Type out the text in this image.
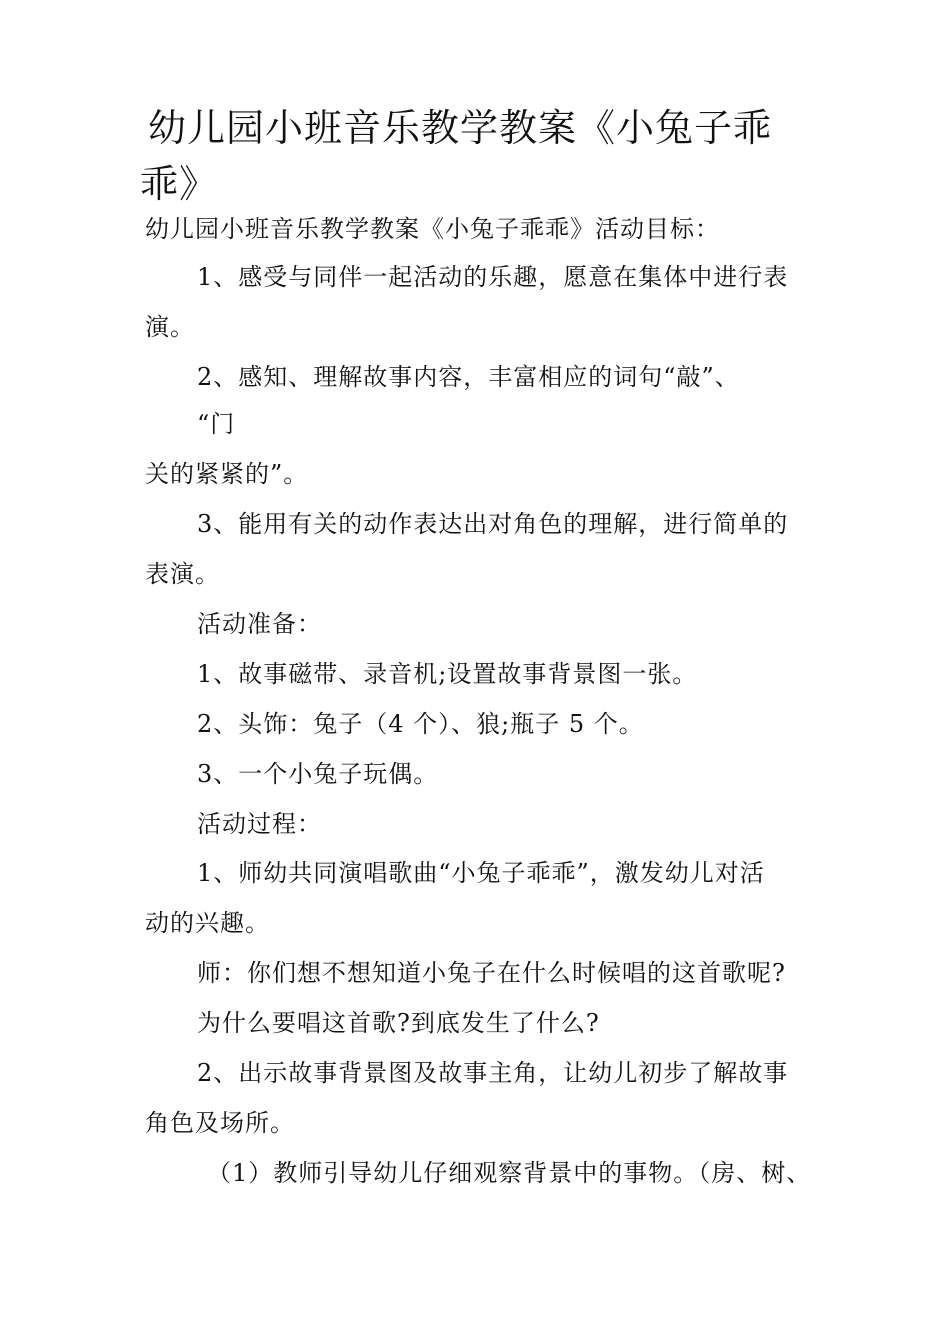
幼儿园小班音乐教学教案《小兔子乖
乖》
幼儿园小班音乐教学教案《小兔子乖乖》活动目标：
1、感受与同伴一起活动的乐趣，愿意在集体中进行表
演。
2、感知、理解故事内容，丰富相应的词句“敲”、
“门
关的紧紧的”。
3、能用有关的动作表达出对角色的理解，进行简单的
表演。
活动准备：
1、故事磁带、录音机;设置故事背景图一张。
2、头饰：兔子（4 个）、狼;瓶子 5 个。
3、一个小兔子玩偶。
活动过程：
1、师幼共同演唱歌曲“小兔子乖乖”，激发幼儿对活
动的兴趣。
师：你们想不想知道小兔子在什么时候唱的这首歌呢?
为什么要唱这首歌?到底发生了什么?
2、出示故事背景图及故事主角，让幼儿初步了解故事
角色及场所。
（1）教师引导幼儿仔细观察背景中的事物。（房、树、
